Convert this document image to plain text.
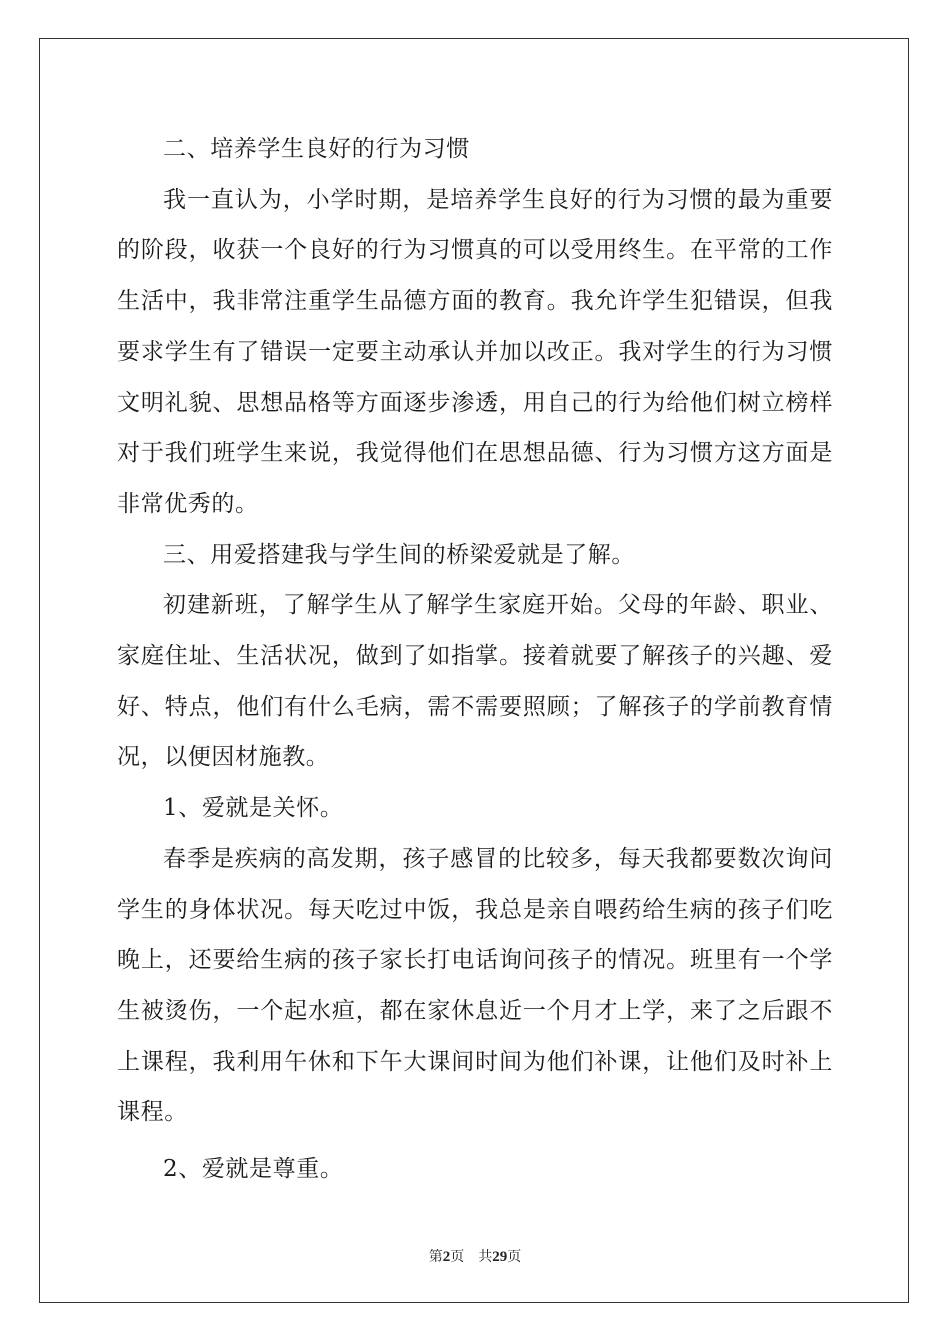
二、培养学生良好的行为习惯

我一直认为，小学时期，是培养学生良好的行为习惯的最为重要的阶段，收获一个良好的行为习惯真的可以受用终生。在平常的工作生活中，我非常注重学生品德方面的教育。我允许学生犯错误，但我要求学生有了错误一定要主动承认并加以改正。我对学生的行为习惯文明礼貌、思想品格等方面逐步渗透，用自己的行为给他们树立榜样对于我们班学生来说，我觉得他们在思想品德、行为习惯方这方面是非常优秀的。

三、用爱搭建我与学生间的桥梁爱就是了解。

初建新班，了解学生从了解学生家庭开始。父母的年龄、职业、家庭住址、生活状况，做到了如指掌。接着就要了解孩子的兴趣、爱好、特点，他们有什么毛病，需不需要照顾；了解孩子的学前教育情况，以便因材施教。

1、爱就是关怀。

春季是疾病的高发期，孩子感冒的比较多，每天我都要数次询问学生的身体状况。每天吃过中饭，我总是亲自喂药给生病的孩子们吃晚上，还要给生病的孩子家长打电话询问孩子的情况。班里有一个学生被烫伤，一个起水疸，都在家休息近一个月才上学，来了之后跟不上课程，我利用午休和下午大课间时间为他们补课，让他们及时补上课程。

2、爱就是尊重。

第2页 共29页
